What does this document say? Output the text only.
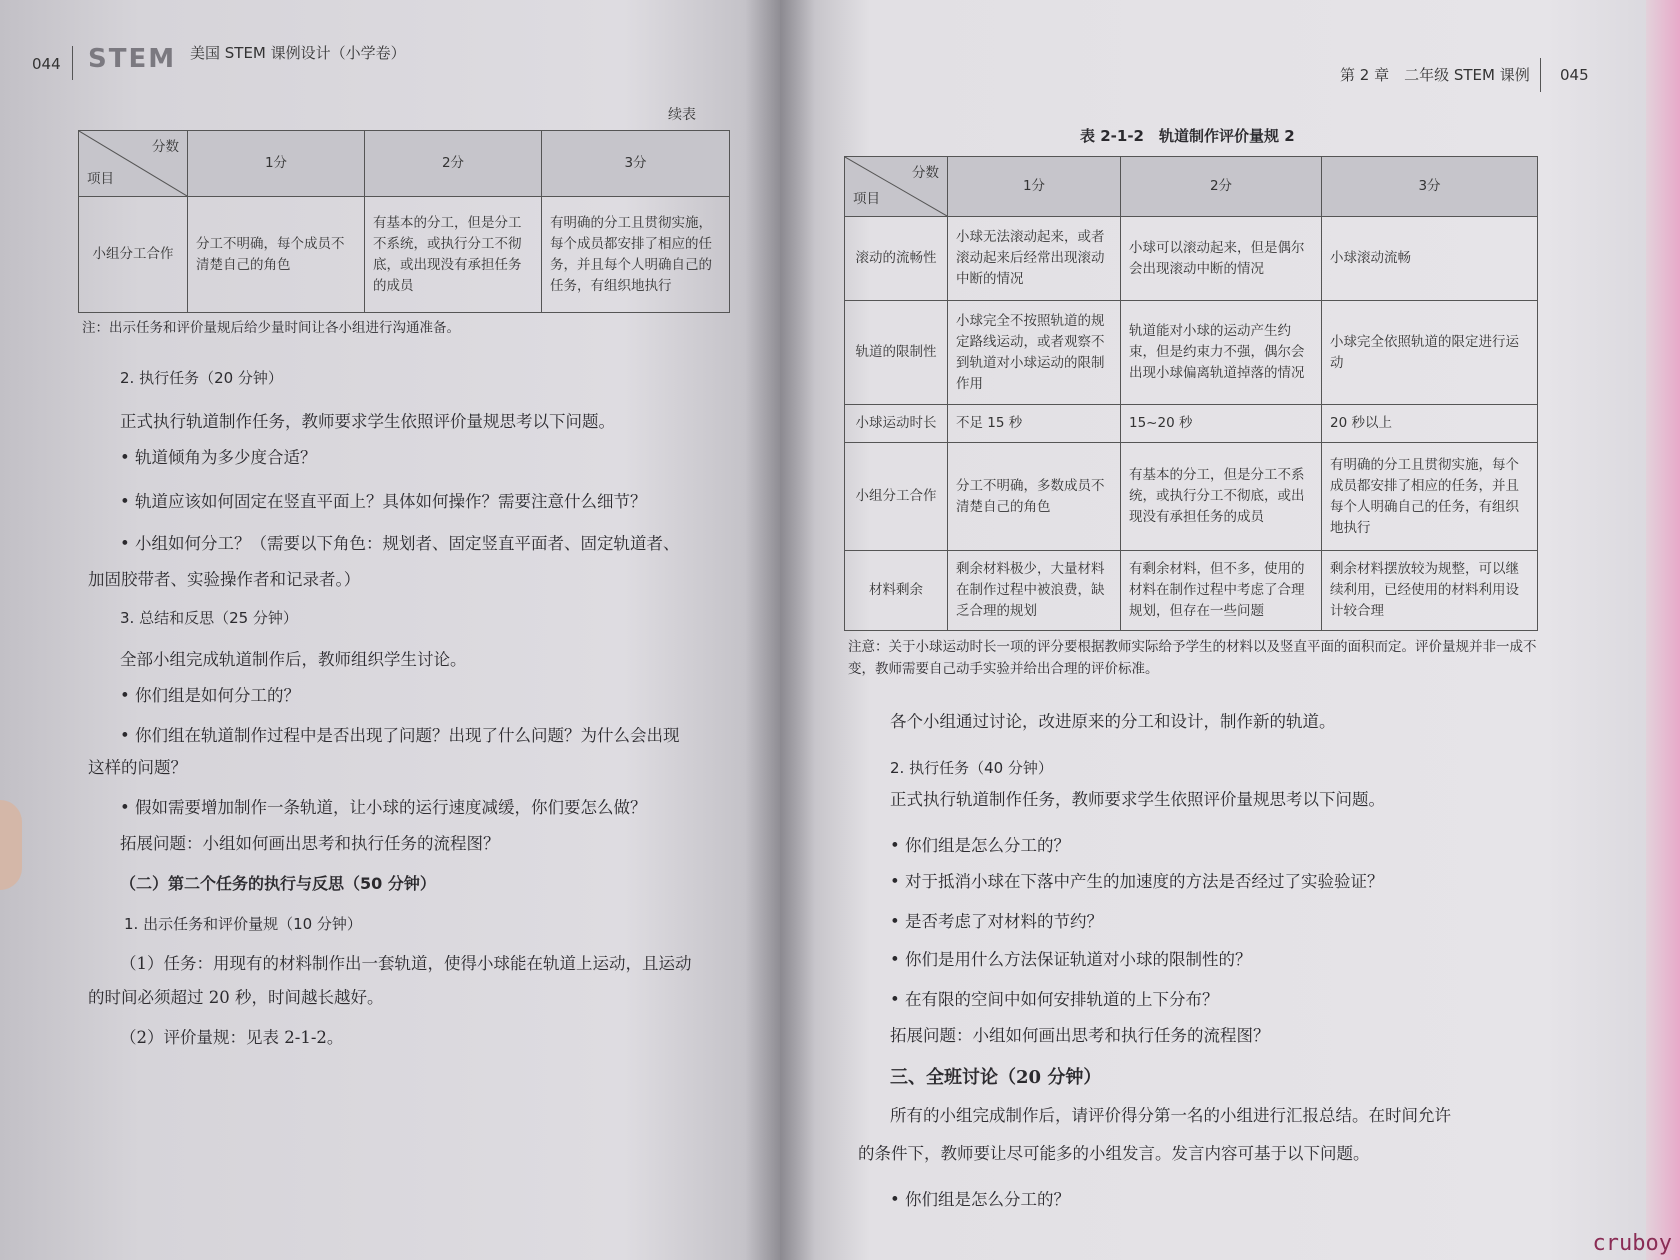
044 STEM 美国 STEM 课例设计（小学卷）
续表
分数
项目	1分	2分	3分
小组分工合作	分工不明确，每个成员不清楚自己的角色	有基本的分工，但是分工不系统，或执行分工不彻底，或出现没有承担任务的成员	有明确的分工且贯彻实施，每个成员都安排了相应的任务，并且每个人明确自己的任务，有组织地执行
注：出示任务和评价量规后给少量时间让各小组进行沟通准备。
2. 执行任务（20 分钟）
正式执行轨道制作任务，教师要求学生依照评价量规思考以下问题。
• 轨道倾角为多少度合适？
• 轨道应该如何固定在竖直平面上？具体如何操作？需要注意什么细节？
• 小组如何分工？（需要以下角色：规划者、固定竖直平面者、固定轨道者、
加固胶带者、实验操作者和记录者。）
3. 总结和反思（25 分钟）
全部小组完成轨道制作后，教师组织学生讨论。
• 你们组是如何分工的？
• 你们组在轨道制作过程中是否出现了问题？出现了什么问题？为什么会出现
这样的问题？
• 假如需要增加制作一条轨道，让小球的运行速度减缓，你们要怎么做？
拓展问题：小组如何画出思考和执行任务的流程图？
（二）第二个任务的执行与反思（50 分钟）
1. 出示任务和评价量规（10 分钟）
（1）任务：用现有的材料制作出一套轨道，使得小球能在轨道上运动，且运动
的时间必须超过 20 秒，时间越长越好。
（2）评价量规：见表 2-1-2。
第 2 章　二年级 STEM 课例 045
表 2-1-2　轨道制作评价量规 2
分数
项目	1分	2分	3分
滚动的流畅性	小球无法滚动起来，或者滚动起来后经常出现滚动中断的情况	小球可以滚动起来，但是偶尔会出现滚动中断的情况	小球滚动流畅
轨道的限制性	小球完全不按照轨道的规定路线运动，或者观察不到轨道对小球运动的限制作用	轨道能对小球的运动产生约束，但是约束力不强，偶尔会出现小球偏离轨道掉落的情况	小球完全依照轨道的限定进行运动
小球运动时长	不足 15 秒	15~20 秒	20 秒以上
小组分工合作	分工不明确，多数成员不清楚自己的角色	有基本的分工，但是分工不系统，或执行分工不彻底，或出现没有承担任务的成员	有明确的分工且贯彻实施，每个成员都安排了相应的任务，并且每个人明确自己的任务，有组织地执行
材料剩余	剩余材料极少，大量材料在制作过程中被浪费，缺乏合理的规划	有剩余材料，但不多，使用的材料在制作过程中考虑了合理规划，但存在一些问题	剩余材料摆放较为规整，可以继续利用，已经使用的材料利用设计较合理
注意：关于小球运动时长一项的评分要根据教师实际给予学生的材料以及竖直平面的面积而定。评价量规并非一成不变，教师需要自己动手实验并给出合理的评价标准。
各个小组通过讨论，改进原来的分工和设计，制作新的轨道。
2. 执行任务（40 分钟）
正式执行轨道制作任务，教师要求学生依照评价量规思考以下问题。
• 你们组是怎么分工的？
• 对于抵消小球在下落中产生的加速度的方法是否经过了实验验证？
• 是否考虑了对材料的节约？
• 你们是用什么方法保证轨道对小球的限制性的？
• 在有限的空间中如何安排轨道的上下分布？
拓展问题：小组如何画出思考和执行任务的流程图？
三、全班讨论（20 分钟）
所有的小组完成制作后，请评价得分第一名的小组进行汇报总结。在时间允许
的条件下，教师要让尽可能多的小组发言。发言内容可基于以下问题。
• 你们组是怎么分工的？
cruboy
